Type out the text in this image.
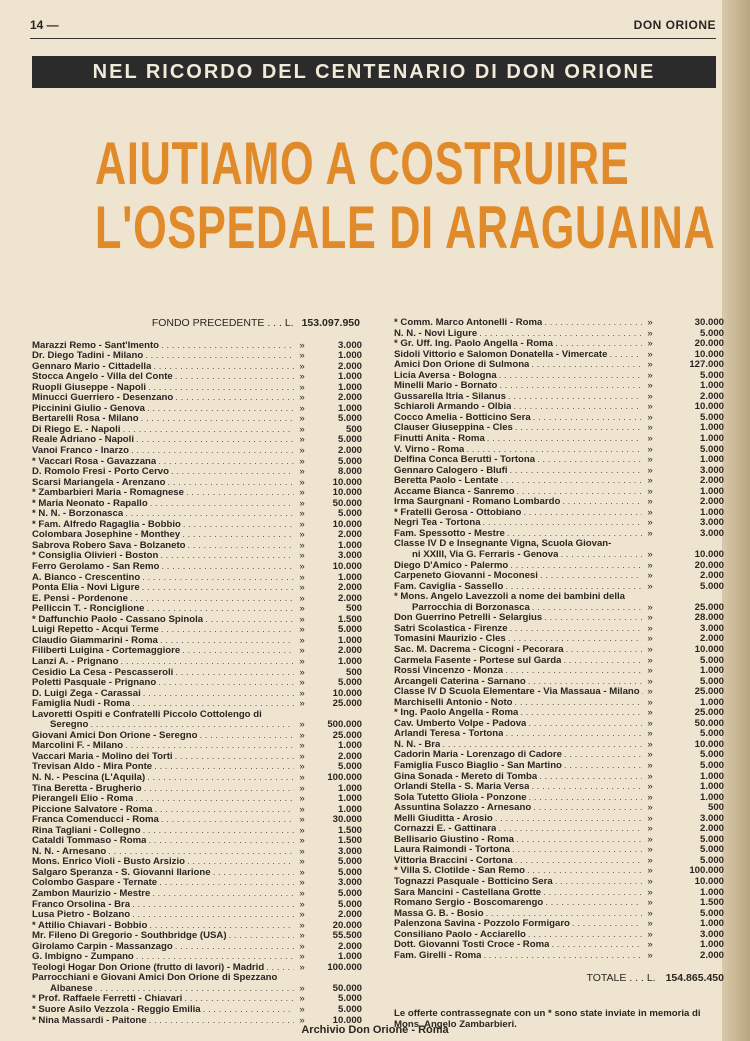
14 —	DON ORIONE
NEL RICORDO DEL CENTENARIO DI DON ORIONE
AIUTIAMO A COSTRUIRE
L'OSPEDALE DI ARAGUAINA
FONDO PRECEDENTE . . . L. 153.097.950
Marazzi Remo - Sant'Imento . . .	»	3.000
Dr. Diego Tadini - Milano . . .	»	1.000
Gennaro Mario - Cittadella . . .	»	2.000
Stocca Angelo - Villa del Conte . . .	»	1.000
Ruopli Giuseppe - Napoli . . .	»	1.000
Minucci Guerriero - Desenzano . . .	»	2.000
Piccinini Giulio - Genova . . .	»	1.000
Bertarelli Rosa - Milano . . .	»	5.000
Di Riego E. - Napoli . . .	»	500
Reale Adriano - Napoli . . .	»	5.000
Vanoi Franco - Inarzo . . .	»	2.000
* Vaccari Rosa - Gavazzana . . .	»	5.000
D. Romolo Fresi - Porto Cervo . . .	»	8.000
Scarsi Mariangela - Arenzano . . .	»	10.000
* Zambarbieri Maria - Romagnese . . .	»	10.000
* Maria Neonato - Rapallo . . .	»	50.000
* N. N. - Borzonasca . . .	»	5.000
* Fam. Alfredo Ragaglia - Bobbio . . .	»	10.000
Colombara Josephine - Monthey . . .	»	2.000
Sabrova Robero Sava - Bolzaneto . . .	»	1.000
* Consiglia Olivieri - Boston . . .	»	3.000
Ferro Gerolamo - San Remo . . .	»	10.000
A. Bianco - Crescentino . . .	»	1.000
Ponta Elia - Novi Ligure . . .	»	2.000
E. Pensi - Pordenone . . .	»	2.000
Pelliccin T. - Ronciglione . . .	»	500
* Daffunchio Paolo - Cassano Spinola . . .	»	1.500
Luigi Repetto - Acqui Terme . . .	»	5.000
Claudio Giammarini - Roma . . .	»	1.000
Filiberti Luigina - Cortemaggiore . . .	»	2.000
Lanzi A. - Prignano . . .	»	1.000
Cesidio La Cesa - Pescasseroli . . .	»	500
Poletti Pasquale - Prignano . . .	»	5.000
D. Luigi Zega - Carassai . . .	»	10.000
Famiglia Nudi - Roma . . .	»	25.000
Lavoretti Ospiti e Confratelli Piccolo Cottolengo di
Seregno . . .	»	500.000
Giovani Amici Don Orione - Seregno . . .	»	25.000
Marcolini F. - Milano . . .	»	1.000
Vaccari Maria - Molino dei Torti . . .	»	2.000
Trevisan Aldo - Mira Ponte . . .	»	5.000
N. N. - Pescina (L'Aquila) . . .	»	100.000
Tina Beretta - Brugherio . . .	»	1.000
Pierangeli Elio - Roma . . .	»	1.000
Piccione Salvatore - Roma . . .	»	1.000
Franca Comenducci - Roma . . .	»	30.000
Rina Tagliani - Collegno . . .	»	1.500
Cataldi Tommaso - Roma . . .	»	1.500
N. N. - Arnesano . . .	»	3.000
Mons. Enrico Violi - Busto Arsizio . . .	»	5.000
Salgaro Speranza - S. Giovanni Ilarione . . .	»	5.000
Colombo Gaspare - Ternate . . .	»	3.000
Zambon Maurizio - Mestre . . .	»	5.000
Franco Orsolina - Bra . . .	»	5.000
Lusa Pietro - Bolzano . . .	»	2.000
* Attilio Chiavari - Bobbio . . .	»	20.000
Mr. Fileno Di Gregorio - Southbridge (USA) . . .	»	55.500
Girolamo Carpin - Massanzago . . .	»	2.000
G. Imbigno - Zumpano . . .	»	1.000
Teologi Hogar Don Orione (frutto di lavori) - Madrid . . .	»	100.000
Parrocchiani e Giovani Amici Don Orione di Spezzano
Albanese . . .	»	50.000
* Prof. Raffaele Ferretti - Chiavari . . .	»	5.000
* Suore Asilo Vezzola - Reggio Emilia . . .	»	5.000
* Nina Massardi - Paitone . . .	»	10.000
* Comm. Marco Antonelli - Roma . . .	»	30.000
N. N. - Novi Ligure . . .	»	5.000
* Gr. Uff. Ing. Paolo Angella - Roma . . .	»	20.000
Sidoli Vittorio e Salomon Donatella - Vimercate . . .	»	10.000
Amici Don Orione di Sulmona . . .	»	127.000
Licia Aversa - Bologna . . .	»	5.000
Minelli Mario - Bornato . . .	»	1.000
Gussarella Itria - Silanus . . .	»	2.000
Schiaroli Armando - Olbia . . .	»	10.000
Cocco Amelia - Botticino Sera . . .	»	5.000
Clauser Giuseppina - Cles . . .	»	1.000
Finutti Anita - Roma . . .	»	1.000
V. Virno - Roma . . .	»	5.000
Delfina Conca Berutti - Tortona . . .	»	1.000
Gennaro Calogero - Blufi . . .	»	3.000
Beretta Paolo - Lentate . . .	»	2.000
Accame Bianca - Sanremo . . .	»	1.000
Irma Saurgnani - Romano Lombardo . . .	»	2.000
* Fratelli Gerosa - Ottobiano . . .	»	1.000
Negri Tea - Tortona . . .	»	3.000
Fam. Spessotto - Mestre . . .	»	3.000
Classe IV D e Insegnante Vigna, Scuola Giovan-
ni XXIII, Via G. Ferraris - Genova . . .	»	10.000
Diego D'Amico - Palermo . . .	»	20.000
Carpeneto Giovanni - Moconesi . . .	»	2.000
Fam. Caviglia - Sassello . . .	»	5.000
* Mons. Angelo Lavezzoli a nome dei bambini della
Parrocchia di Borzonasca . . .	»	25.000
Don Guerrino Petrelli - Selargius . . .	»	28.000
Satri Scolastica - Firenze . . .	»	3.000
Tomasini Maurizio - Cles . . .	»	2.000
Sac. M. Dacrema - Cicogni - Pecorara . . .	»	10.000
Carmela Fasente - Portese sul Garda . . .	»	5.000
Rossi Vincenzo - Monza . . .	»	1.000
Arcangeli Caterina - Sarnano . . .	»	5.000
Classe IV D Scuola Elementare - Via Massaua - Milano . . . »	25.000
Marchiselli Antonio - Noto . . .	»	1.000
* Ing. Paolo Angella - Roma . . .	»	25.000
Cav. Umberto Volpe - Padova . . .	»	50.000
Arlandi Teresa - Tortona . . .	»	5.000
N. N. - Bra . . .	»	10.000
Cadorin Maria - Lorenzago di Cadore . . .	»	5.000
Famiglia Fusco Biaglio - San Martino . . .	»	5.000
Gina Sonada - Mereto di Tomba . . .	»	1.000
Orlandi Stella - S. Maria Versa . . .	»	1.000
Sola Tutetto Gliola - Ponzone . . .	»	1.000
Assuntina Solazzo - Arnesano . . .	»	500
Melli Giuditta - Arosio . . .	»	3.000
Cornazzi E. - Gattinara . . .	»	2.000
Bellisario Giustino - Roma . . .	»	5.000
Laura Raimondi - Tortona . . .	»	5.000
Vittoria Braccini - Cortona . . .	»	5.000
* Villa S. Clotilde - San Remo . . .	»	100.000
Tognazzi Pasquale - Botticino Sera . . .	»	10.000
Sara Mancini - Castellana Grotte . . .	»	1.000
Romano Sergio - Boscomarengo . . .	»	1.500
Massa G. B. - Bosio . . .	»	5.000
Palenzona Savina - Pozzolo Formigaro . . .	»	1.000
Consiliano Paolo - Acciarello . . .	»	3.000
Dott. Giovanni Tosti Croce - Roma . . .	»	1.000
Fam. Girelli - Roma . . .	»	2.000
TOTALE . . . L. 154.865.450
Le offerte contrassegnate con un * sono state inviate in memoria di Mons. Angelo Zambarbieri.
Archivio Don Orione - Roma
